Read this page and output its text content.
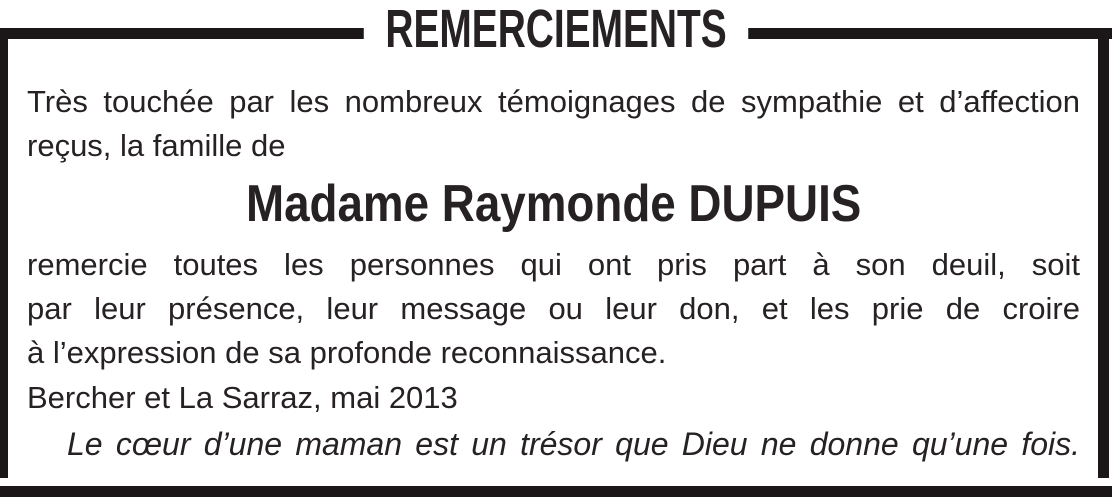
REMERCIEMENTS
Très touchée par les nombreux témoignages de sympathie et d’affection
reçus, la famille de
Madame Raymonde DUPUIS
remercie toutes les personnes qui ont pris part à son deuil, soit
par leur présence, leur message ou leur don, et les prie de croire
à l’expression de sa profonde reconnaissance.
Bercher et La Sarraz, mai 2013
Le cœur d’une maman est un trésor que Dieu ne donne qu’une fois.
